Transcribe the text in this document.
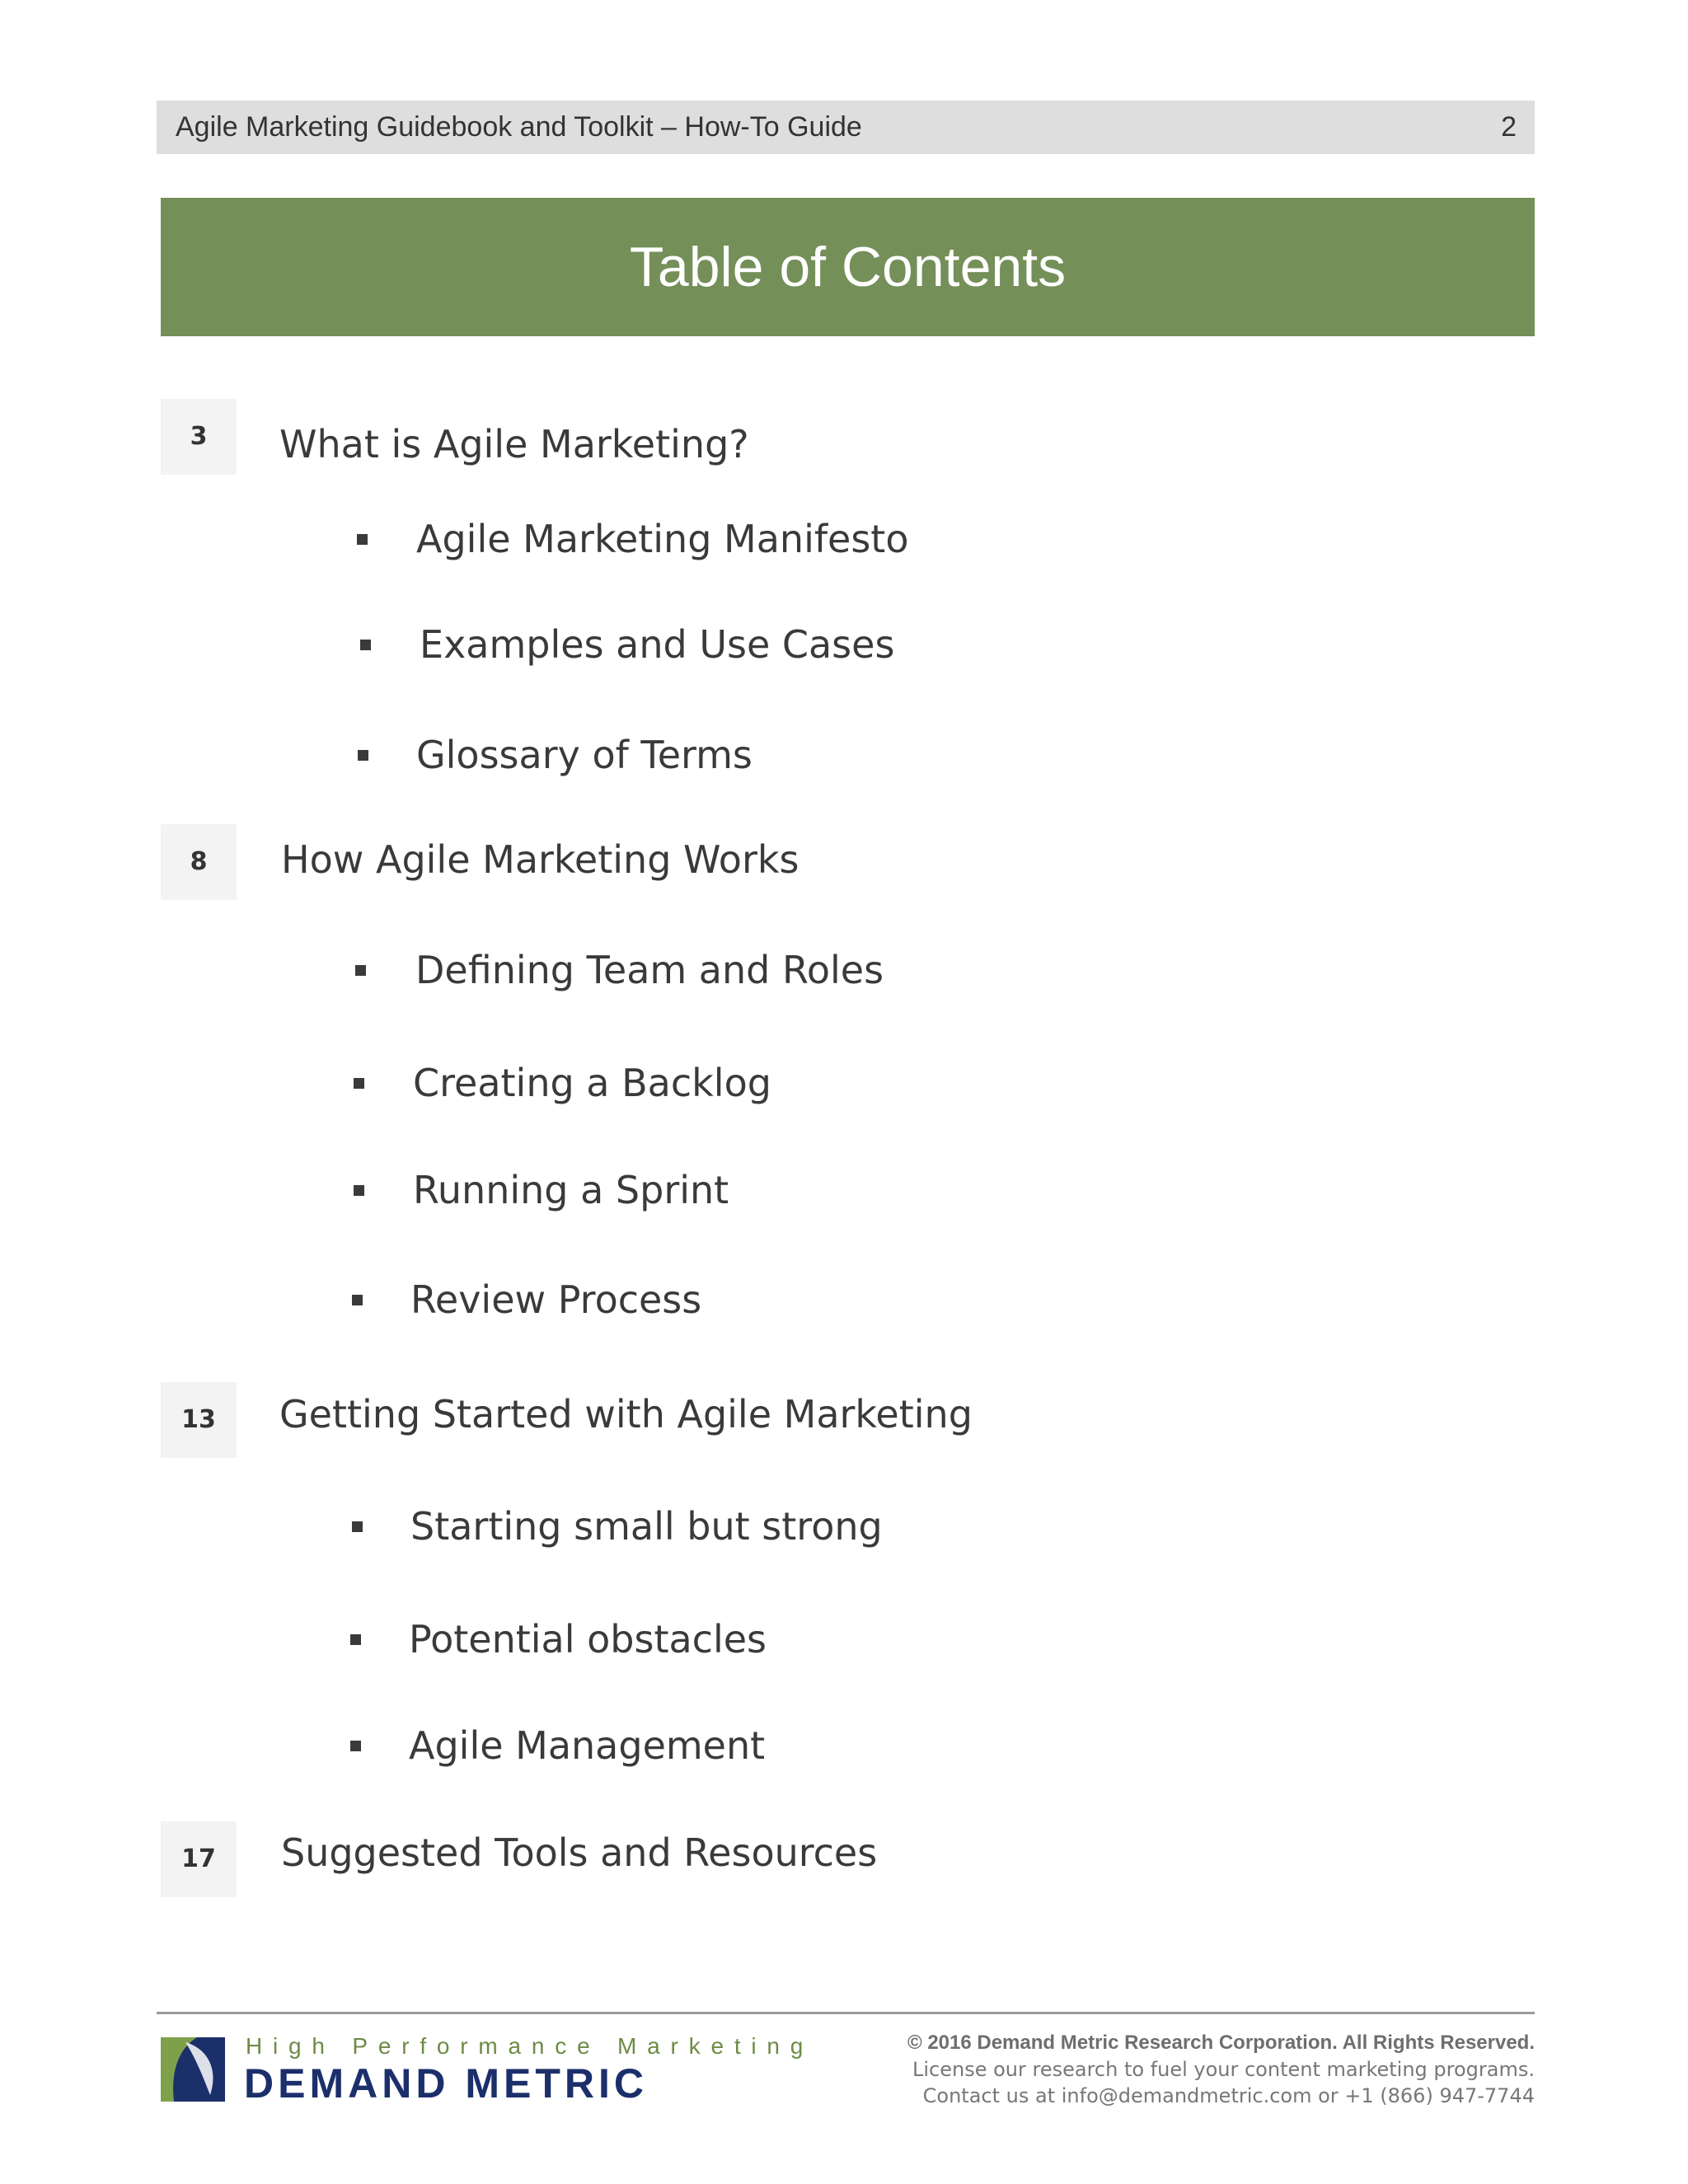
Agile Marketing Guidebook and Toolkit – How-To Guide	2
Table of Contents
3	What is Agile Marketing?
Agile Marketing Manifesto
Examples and Use Cases
Glossary of Terms
8	How Agile Marketing Works
Defining Team and Roles
Creating a Backlog
Running a Sprint
Review Process
13	Getting Started with Agile Marketing
Starting small but strong
Potential obstacles
Agile Management
17	Suggested Tools and Resources
High Performance Marketing
DEMAND METRIC
© 2016 Demand Metric Research Corporation. All Rights Reserved.
License our research to fuel your content marketing programs.
Contact us at info@demandmetric.com or +1 (866) 947-7744
